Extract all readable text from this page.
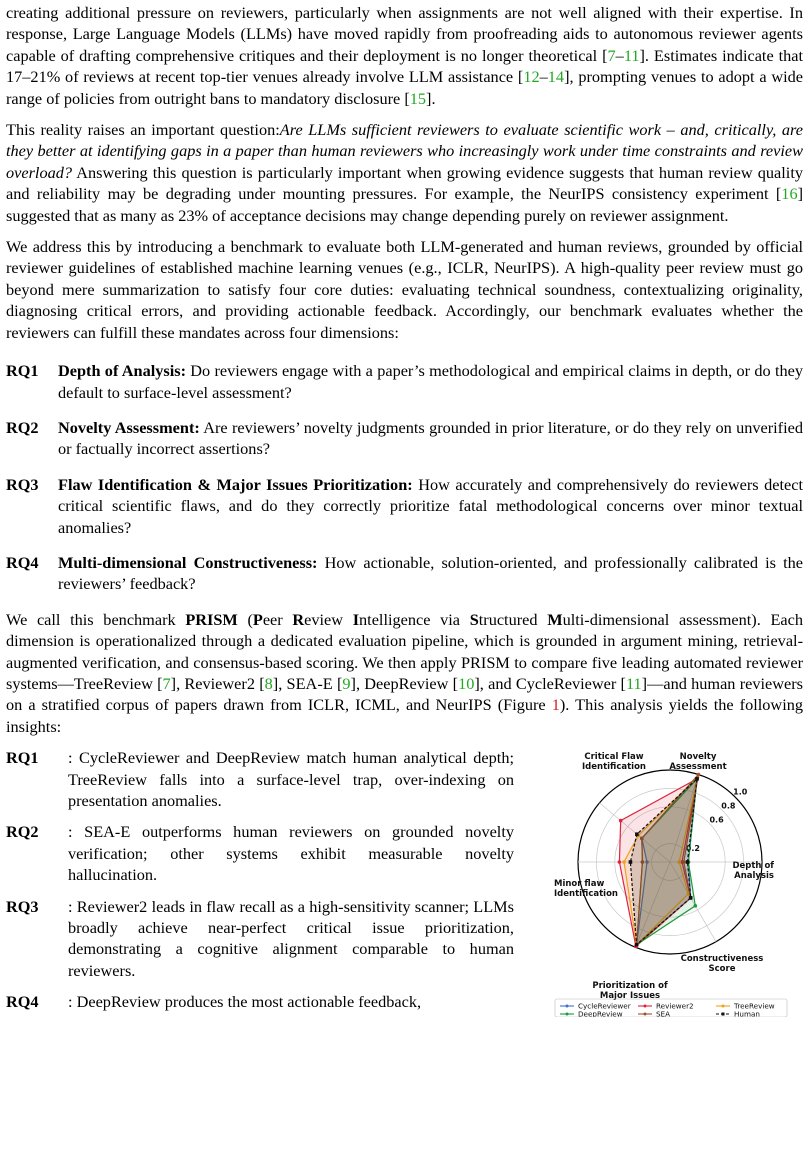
creating additional pressure on reviewers, particularly when assignments are not well aligned with their expertise. In response, Large Language Models (LLMs) have moved rapidly from proofreading aids to autonomous reviewer agents capable of drafting comprehensive critiques and their deployment is no longer theoretical [7–11]. Estimates indicate that 17–21% of reviews at recent top-tier venues already involve LLM assistance [12–14], prompting venues to adopt a wide range of policies from outright bans to mandatory disclosure [15].

This reality raises an important question:Are LLMs sufficient reviewers to evaluate scientific work – and, critically, are they better at identifying gaps in a paper than human reviewers who increasingly work under time constraints and review overload? Answering this question is particularly important when growing evidence suggests that human review quality and reliability may be degrading under mounting pressures. For example, the NeurIPS consistency experiment [16] suggested that as many as 23% of acceptance decisions may change depending purely on reviewer assignment.

We address this by introducing a benchmark to evaluate both LLM-generated and human reviews, grounded by official reviewer guidelines of established machine learning venues (e.g., ICLR, NeurIPS). A high-quality peer review must go beyond mere summarization to satisfy four core duties: evaluating technical soundness, contextualizing originality, diagnosing critical errors, and providing actionable feedback. Accordingly, our benchmark evaluates whether the reviewers can fulfill these mandates across four dimensions:

RQ1	Depth of Analysis: Do reviewers engage with a paper’s methodological and empirical claims in depth, or do they default to surface-level assessment?
RQ2	Novelty Assessment: Are reviewers’ novelty judgments grounded in prior literature, or do they rely on unverified or factually incorrect assertions?
RQ3	Flaw Identification & Major Issues Prioritization: How accurately and comprehensively do reviewers detect critical scientific flaws, and do they correctly prioritize fatal methodological concerns over minor textual anomalies?
RQ4	Multi-dimensional Constructiveness: How actionable, solution-oriented, and professionally calibrated is the reviewers’ feedback?

We call this benchmark PRISM (Peer Review Intelligence via Structured Multi-dimensional assessment). Each dimension is operationalized through a dedicated evaluation pipeline, which is grounded in argument mining, retrieval-augmented verification, and consensus-based scoring. We then apply PRISM to compare five leading automated reviewer systems—TreeReview [7], Reviewer2 [8], SEA-E [9], DeepReview [10], and CycleReviewer [11]—and human reviewers on a stratified corpus of papers drawn from ICLR, ICML, and NeurIPS (Figure 1). This analysis yields the following insights:

RQ1	: CycleReviewer and DeepReview match human analytical depth; TreeReview falls into a surface-level trap, over-indexing on presentation anomalies.
RQ2	: SEA-E outperforms human reviewers on grounded novelty verification; other systems exhibit measurable novelty hallucination.
RQ3	: Reviewer2 leads in flaw recall as a high-sensitivity scanner; LLMs broadly achieve near-perfect critical issue prioritization, demonstrating a cognitive alignment comparable to human reviewers.
RQ4	: DeepReview produces the most actionable feedback,
0.2
0.6
0.8
1.0
Depth of
Analysis
Novelty
Assessment
Critical Flaw
Identification
Minor flaw
Identification
Prioritization of
Major Issues
Constructiveness
Score
CycleReviewer	Reviewer2	TreeReview
DeepReview	SEA	Human
